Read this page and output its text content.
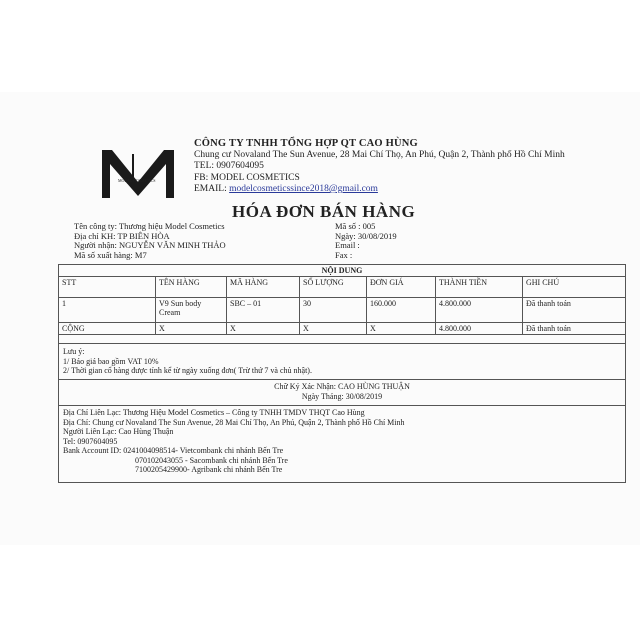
MODEL COSMETICS
CÔNG TY TNHH TỔNG HỢP QT CAO HÙNG
Chung cư Novaland The Sun Avenue, 28 Mai Chí Thọ, An Phú, Quận 2, Thành phố Hồ Chí Minh
TEL: 0907604095
FB: MODEL COSMETICS
EMAIL: modelcosmeticssince2018@gmail.com
HÓA ĐƠN BÁN HÀNG
Tên công ty: Thương hiệu Model Cosmetics
Địa chỉ KH: TP BIÊN HÒA
Người nhận: NGUYỄN VĂN MINH THẢO
Mã số xuất hàng: M7
Mã số : 005
Ngày: 30/08/2019
Email :
Fax :
NỘI DUNG						
STT	TÊN HÀNG	MÃ HÀNG	SỐ LƯỢNG	ĐƠN GIÁ	THÀNH TIỀN	GHI CHÚ
1	V9 Sun body Cream	SBC – 01	30	160.000	4.800.000	Đã thanh toán
CỘNG	X	X	X	X	4.800.000	Đã thanh toán

Lưu ý:
1/ Báo giá bao gồm VAT 10%
2/ Thời gian cổ hàng được tính kể từ ngày xuống đơn( Trừ thứ 7 và chủ nhật).
Chữ Ký Xác Nhận: CAO HÙNG THUẬN
Ngày Tháng: 30/08/2019
Địa Chỉ Liên Lạc: Thương Hiệu Model Cosmetics – Công ty TNHH TMDV THQT Cao Hùng
Địa Chỉ: Chung cư Novaland The Sun Avenue, 28 Mai Chí Thọ, An Phú, Quận 2, Thành phố Hồ Chí Minh
Người Liên Lạc: Cao Hùng Thuận
Tel: 0907604095
Bank Account ID: 0241004098514- Vietcombank chi nhánh Bến Tre
070102043055 - Sacombank chi nhánh Bến Tre
7100205429900- Agribank chi nhánh Bến Tre
